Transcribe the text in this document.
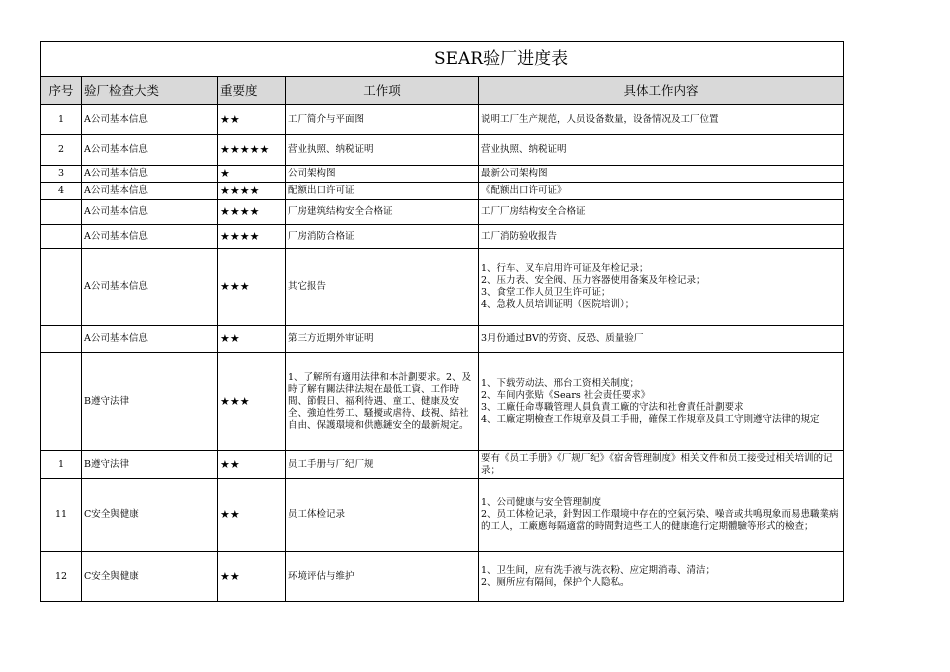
SEAR验厂进度表				
序号	验厂检查大类	重要度	工作项	具体工作内容
1	A公司基本信息	★★	工厂简介与平面图	说明工厂生产规范，人员设备数量，设备情况及工厂位置

2	A公司基本信息	★★★★★	营业执照、纳税证明	营业执照、纳税证明

3	A公司基本信息	★	公司架构图	最新公司架构图

4	A公司基本信息	★★★★	配额出口许可证	《配额出口许可证》

	A公司基本信息	★★★★	厂房建筑结构安全合格证	工厂厂房结构安全合格证

	A公司基本信息	★★★★	厂房消防合格证	工厂消防验收报告

	A公司基本信息	★★★	其它报告	1、行车、叉车启用许可证及年检记录；
2、压力表、安全阀、压力容器使用备案及年检记录；
3、食堂工作人员卫生许可证；
4、急救人员培训证明（医院培训）；

	A公司基本信息	★★	第三方近期外审证明	3月份通过BV的劳资、反恐、质量验厂

	B遵守法律	★★★	1、了解所有適用法律和本計劃要求。2、及時了解有關法律法規在最低工資、工作時間、節假日、福利待遇、童工、健康及安全、強迫性勞工、騷擾或虐待、歧視、結社自由、保護環境和供應鏈安全的最新規定。	1、下载劳动法、邢台工资相关制度；
2、车间内张贴《Sears 社会责任要求》
3、工廠任命專職管理人員負責工廠的守法和社會責任計劃要求
4、工廠定期檢查工作規章及員工手冊，確保工作規章及員工守則遵守法律的規定

1	B遵守法律	★★	员工手册与厂纪厂规	要有《员工手册》《厂规厂纪》《宿舍管理制度》相关文件和员工接受过相关培训的记录；

11	C安全與健康	★★	员工体检记录	1、公司健康与安全管理制度
2、员工体检记录，針對因工作環境中存在的空氣污染、噪音或共鳴現象而易患職業病的工人，工廠應每隔適當的時間對這些工人的健康進行定期體驗等形式的檢查；

12	C安全與健康	★★	环境评估与维护	1、卫生间，应有洗手液与洗衣粉、应定期消毒、清洁；
2、厕所应有隔间，保护个人隐私。
